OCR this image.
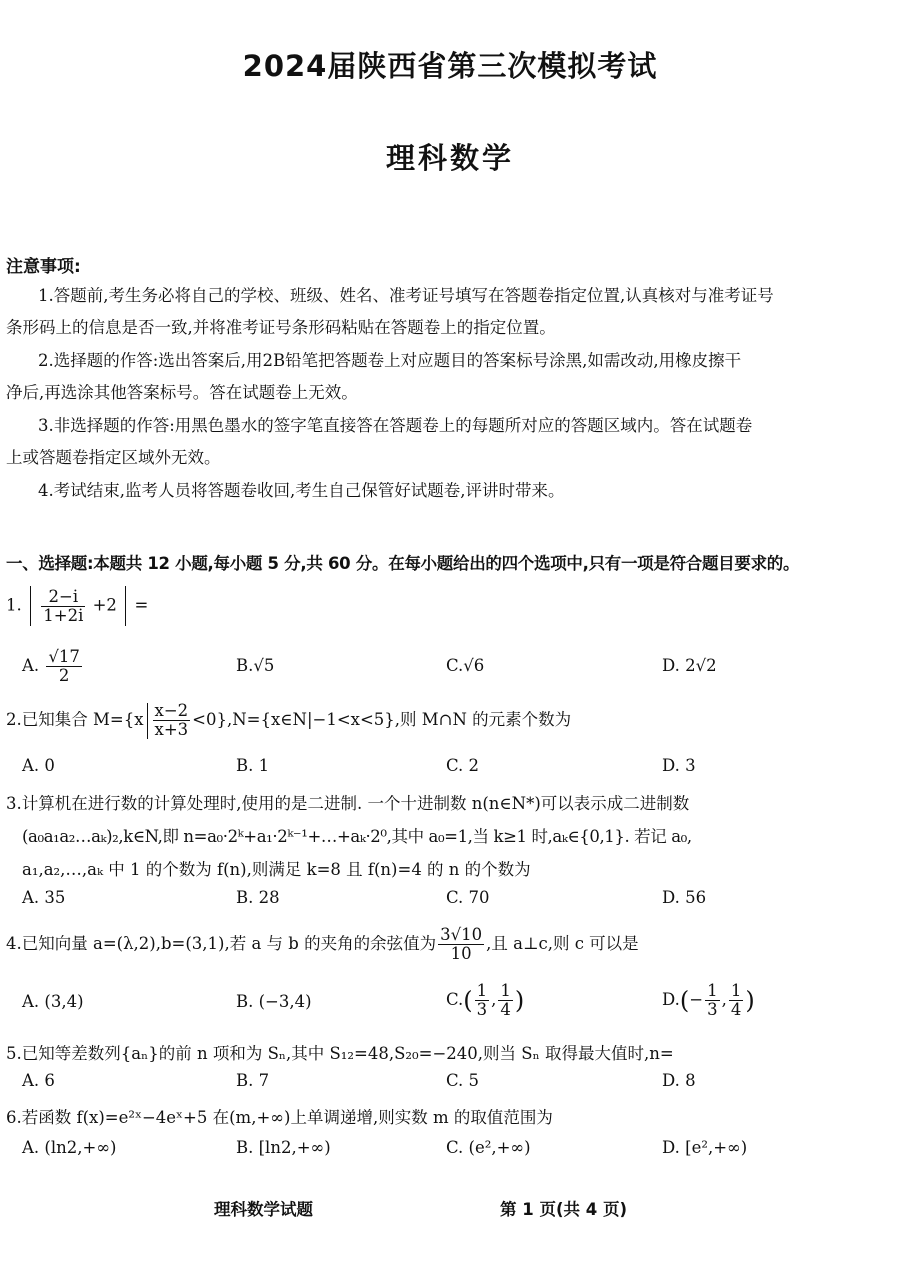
2024届陕西省第三次模拟考试
理科数学
注意事项:
1.答题前,考生务必将自己的学校、班级、姓名、准考证号填写在答题卷指定位置,认真核对与准考证号
条形码上的信息是否一致,并将准考证号条形码粘贴在答题卷上的指定位置。
2.选择题的作答:选出答案后,用2B铅笔把答题卷上对应题目的答案标号涂黑,如需改动,用橡皮擦干
净后,再选涂其他答案标号。答在试题卷上无效。
3.非选择题的作答:用黑色墨水的签字笔直接答在答题卷上的每题所对应的答题区域内。答在试题卷
上或答题卷指定区域外无效。
4.考试结束,监考人员将答题卷收回,考生自己保管好试题卷,评讲时带来。
一、选择题:本题共 12 小题,每小题 5 分,共 60 分。在每小题给出的四个选项中,只有一项是符合题目要求的。
1. $\frac{2-i}{1+2i} +2$ =
A. $\frac{√17}{2}$	B.√5	C.√6	D. 2√2
2.已知集合 $M=\{x \frac{x-2}{x+3}$ <0},N={x∈N|−1<x<5},则 M∩N 的元素个数为
A. 0	B. 1	C. 2	D. 3
3.计算机在进行数的计算处理时,使用的是二进制. 一个十进制数 n(n∈N*)可以表示成二进制数
(a₀a₁a₂…aₖ)₂,k∈N,即 n=a₀·2ᵏ+a₁·2ᵏ⁻¹+…+aₖ·2⁰,其中 a₀=1,当 k≥1 时,aₖ∈{0,1}. 若记 a₀,
a₁,a₂,…,aₖ 中 1 的个数为 f(n),则满足 k=8 且 f(n)=4 的 n 的个数为
A. 35	B. 28	C. 70	D. 56
4.已知向量 a=(λ,2),b=(3,1),若 a 与 b 的夹角的余弦值为 $\frac{3√10}{10}$ ,且 a⊥c,则 c 可以是
A. (3,4)	B. (−3,4)	$C.( \frac{1}{3}$ , $\frac{1}{4}$ )	$D.(- \frac{1}{3}$ , $\frac{1}{4}$ )
5.已知等差数列{aₙ}的前 n 项和为 Sₙ,其中 S₁₂=48,S₂₀=−240,则当 Sₙ 取得最大值时,n=
A. 6	B. 7	C. 5	D. 8
6.若函数 f(x)=e²ˣ−4eˣ+5 在(m,+∞)上单调递增,则实数 m 的取值范围为
A. (ln2,+∞)	B. [ln2,+∞)	C. (e²,+∞)	D. [e²,+∞)
理科数学试题	第 1 页(共 4 页)
